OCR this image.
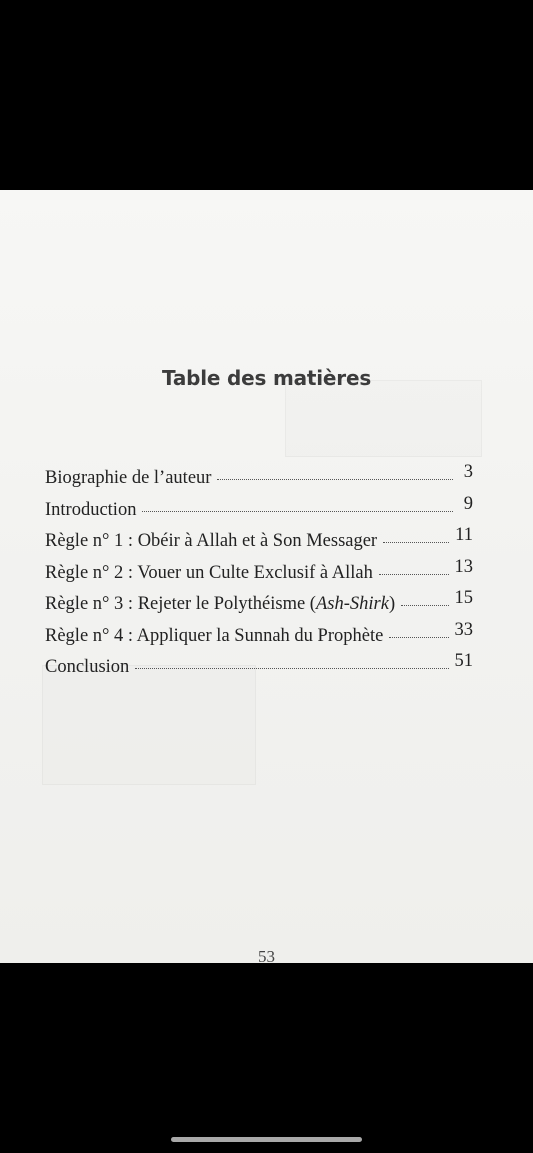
Table des matières
Biographie de l’auteur	3
Introduction	9
Règle n° 1 : Obéir à Allah et à Son Messager	11
Règle n° 2 : Vouer un Culte Exclusif à Allah	13
Règle n° 3 : Rejeter le Polythéisme (Ash-Shirk)	15
Règle n° 4 : Appliquer la Sunnah du Prophète	33
Conclusion	51
53
